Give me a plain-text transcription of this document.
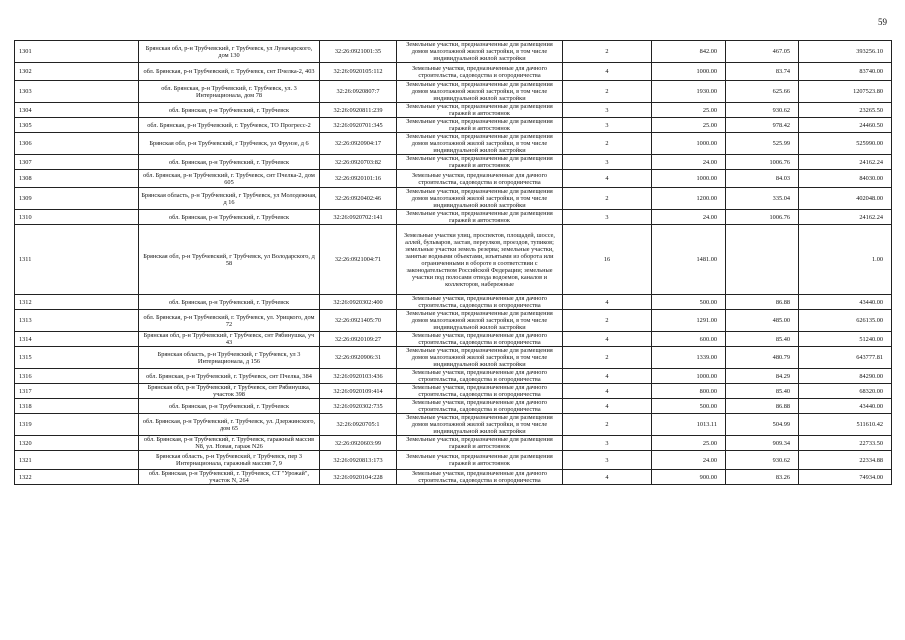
59
1301	Брянская обл, р-н Трубчевский, г Трубчевск, ул Луначарского, дом 130	32:26:0921001:35	Земельные участки, предназначенные для размещения домов малоэтажной жилой застройки, в том числе индивидуальной жилой застройки	2	842.00	467.05	393256.10
1302	обл. Брянская, р-н Трубчевский, г. Трубчевск, снт Пчелка-2, 403	32:26:0920105:112	Земельные участки, предназначенные для дачного строительства, садоводства и огородничества	4	1000.00	83.74	83740.00
1303	обл. Брянская, р-н Трубчевский, г. Трубчевск, ул. 3 Интернационала, дом 78	32:26:0920807:7	Земельные участки, предназначенные для размещения домов малоэтажной жилой застройки, в том числе индивидуальной жилой застройки	2	1930.00	625.66	1207523.80
1304	обл. Брянская, р-н Трубчевский, г. Трубчевск	32:26:0920811:239	Земельные участки, предназначенные для размещения гаражей и автостоянок	3	25.00	930.62	23265.50
1305	обл. Брянская, р-н Трубчевский, г. Трубчевск, ТО Прогресс-2	32:26:0920701:345	Земельные участки, предназначенные для размещения гаражей и автостоянок	3	25.00	978.42	24460.50
1306	Брянская обл, р-н Трубчевский, г Трубчевск, ул Фрунзе, д 6	32:26:0920904:17	Земельные участки, предназначенные для размещения домов малоэтажной жилой застройки, в том числе индивидуальной жилой застройки	2	1000.00	525.99	525990.00
1307	обл. Брянская, р-н Трубчевский, г. Трубчевск	32:26:0920703:82	Земельные участки, предназначенные для размещения гаражей и автостоянок	3	24.00	1006.76	24162.24
1308	обл. Брянская, р-н Трубчевский, г. Трубчевск, снт Пчелка-2, дом 605	32:26:0920101:16	Земельные участки, предназначенные для дачного строительства, садоводства и огородничества	4	1000.00	84.03	84030.00
1309	Брянская область, р-н Трубчевский, г Трубчевск, ул Молодежная, д 16	32:26:0920402:46	Земельные участки, предназначенные для размещения домов малоэтажной жилой застройки, в том числе индивидуальной жилой застройки	2	1200.00	335.04	402048.00
1310	обл. Брянская, р-н Трубчевский, г. Трубчевск	32:26:0920702:141	Земельные участки, предназначенные для размещения гаражей и автостоянок	3	24.00	1006.76	24162.24
1311	Брянская обл, р-н Трубчевский, г Трубчевск, ул Володарского, д 58	32:26:0921004:71	Земельные участки улиц, проспектов, площадей, шоссе, аллей, бульваров, застав, переулков, проездов, тупиков; земельные участки земель резерва; земельные участки, занятые водными объектами, изъятыми из оборота или ограниченными в обороте в соответствии с законодательством Российской Федерации; земельные участки под полосами отвода водоемов, каналов и коллекторов, набережные	16	1481.00		1.00
1312	обл. Брянская, р-н Трубчевский, г. Трубчевск	32:26:0920302:400	Земельные участки, предназначенные для дачного строительства, садоводства и огородничества	4	500.00	86.88	43440.00
1313	обл. Брянская, р-н Трубчевский, г. Трубчевск, ул. Урицкого, дом 72	32:26:0921405:70	Земельные участки, предназначенные для размещения домов малоэтажной жилой застройки, в том числе индивидуальной жилой застройки	2	1291.00	485.00	626135.00
1314	Брянская обл, р-н Трубчевский, г Трубчевск, снт Рябинушка, уч 43	32:26:0920109:27	Земельные участки, предназначенные для дачного строительства, садоводства и огородничества	4	600.00	85.40	51240.00
1315	Брянская область, р-н Трубчевский, г Трубчевск, ул 3 Интернационала, д 156	32:26:0920906:31	Земельные участки, предназначенные для размещения домов малоэтажной жилой застройки, в том числе индивидуальной жилой застройки	2	1339.00	480.79	643777.81
1316	обл. Брянская, р-н Трубчевский, г. Трубчевск, снт Пчелка, 384	32:26:0920103:436	Земельные участки, предназначенные для дачного строительства, садоводства и огородничества	4	1000.00	84.29	84290.00
1317	Брянская обл, р-н Трубчевский, г Трубчевск, снт Рябинушка, участок 398	32:26:0920109:414	Земельные участки, предназначенные для дачного строительства, садоводства и огородничества	4	800.00	85.40	68320.00
1318	обл. Брянская, р-н Трубчевский, г. Трубчевск	32:26:0920302:735	Земельные участки, предназначенные для дачного строительства, садоводства и огородничества	4	500.00	86.88	43440.00
1319	обл. Брянская, р-н Трубчевский, г. Трубчевск, ул. Дзержинского, дом 65	32:26:0920705:1	Земельные участки, предназначенные для размещения домов малоэтажной жилой застройки, в том числе индивидуальной жилой застройки	2	1013.11	504.99	511610.42
1320	обл. Брянская, р-н Трубчевский, г. Трубчевск, гаражный массив N8, ул. Новая, гараж N26	32:26:0920603:99	Земельные участки, предназначенные для размещения гаражей и автостоянок	3	25.00	909.34	22733.50
1321	Брянская область, р-н Трубчевский, г Трубчевск, пер 3 Интернационала, гаражный массив 7, 9	32:26:0920813:173	Земельные участки, предназначенные для размещения гаражей и автостоянок	3	24.00	930.62	22334.88
1322	обл. Брянская, р-н Трубчевский, г. Трубчевск, СТ "Урожай", участок N, 264	32:26:0920104:228	Земельные участки, предназначенные для дачного строительства, садоводства и огородничества	4	900.00	83.26	74934.00
